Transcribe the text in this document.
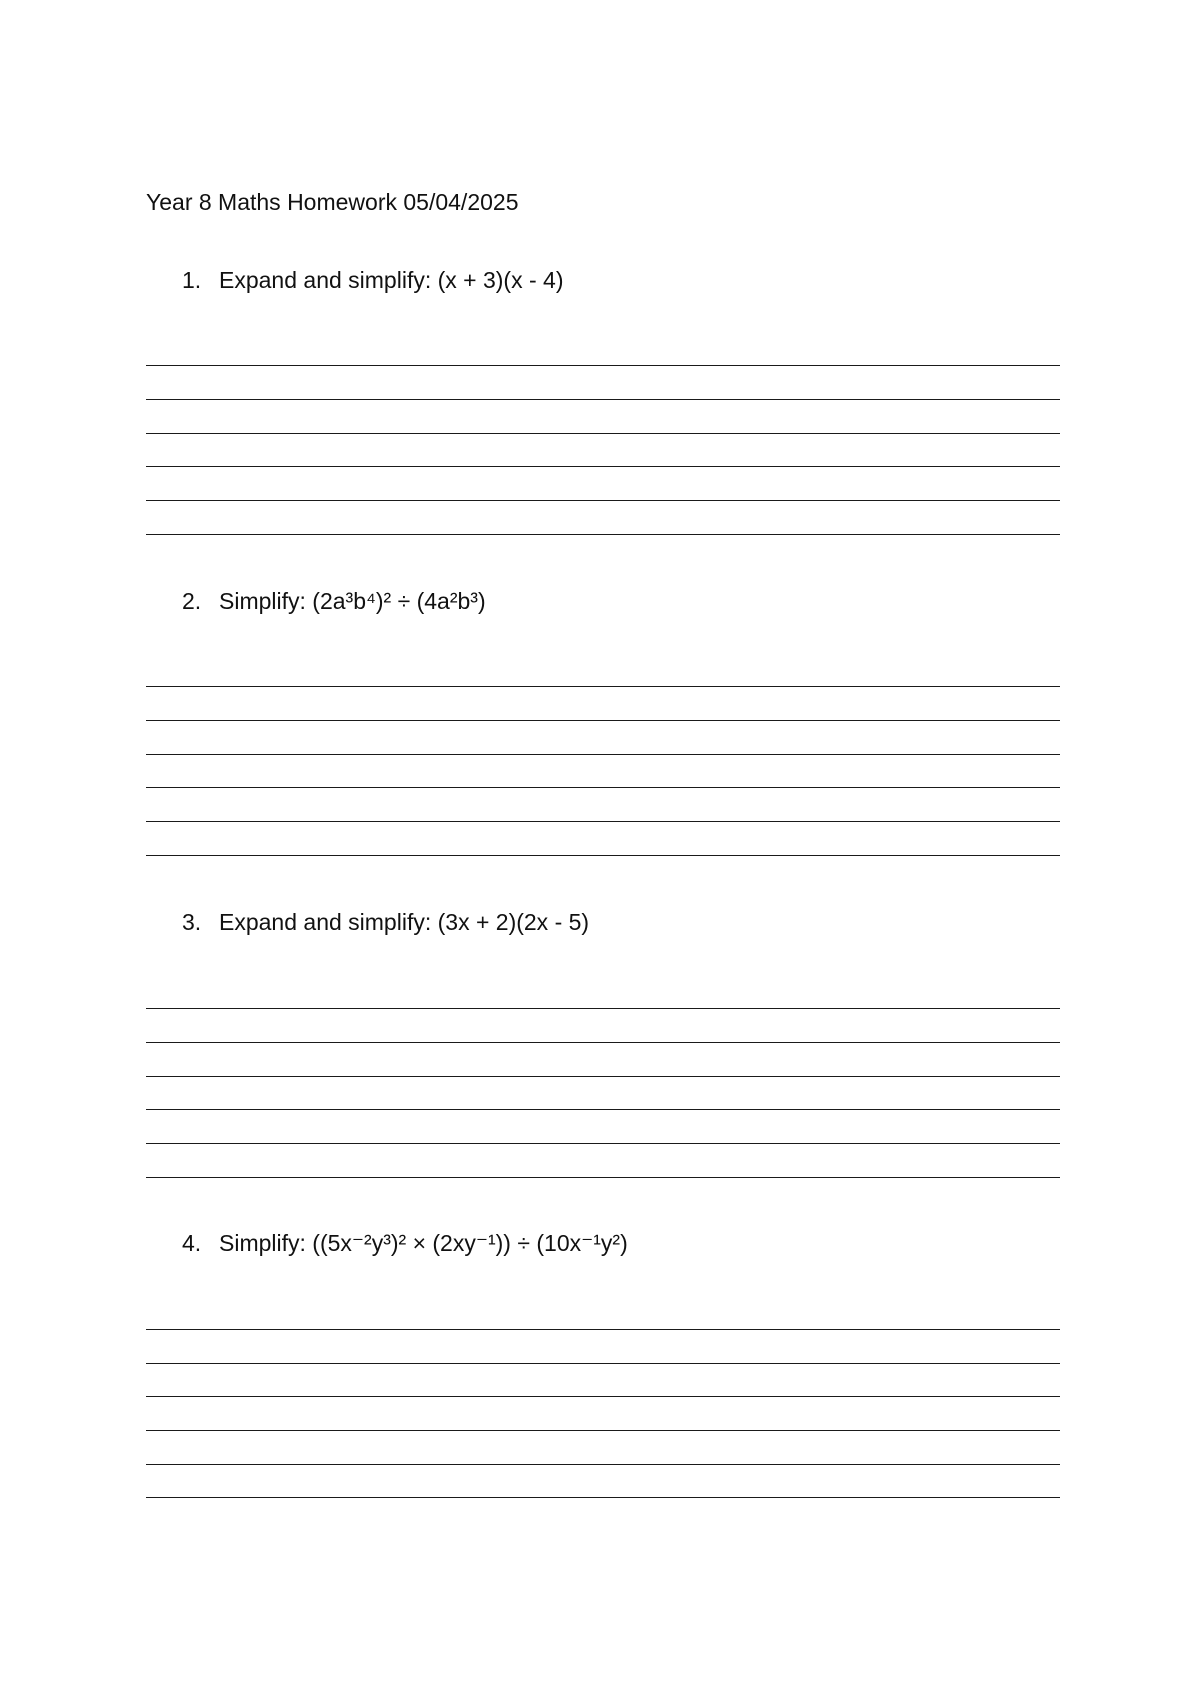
Year 8 Maths Homework 05/04/2025
1. Expand and simplify: (x + 3)(x - 4)
2. Simplify: (2a³b⁴)² ÷ (4a²b³)
3. Expand and simplify: (3x + 2)(2x - 5)
4. Simplify: ((5x⁻²y³)² × (2xy⁻¹)) ÷ (10x⁻¹y²)
